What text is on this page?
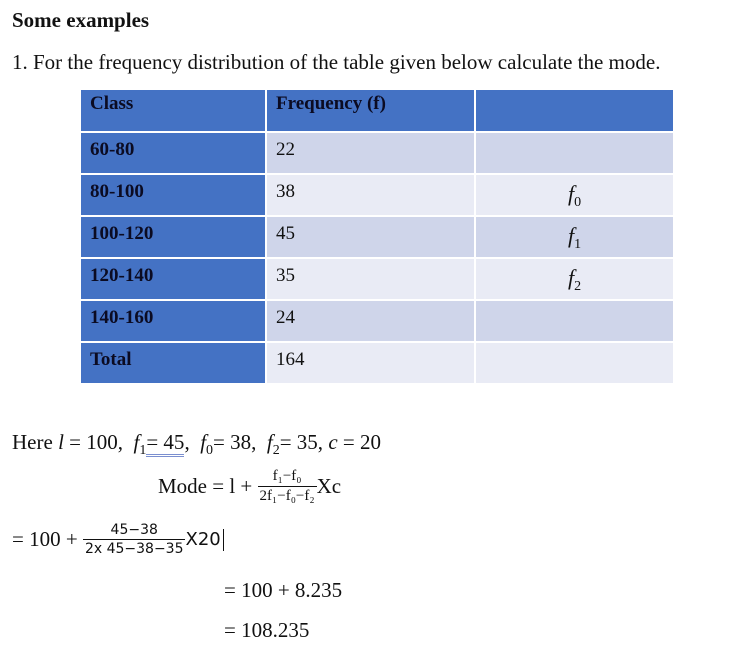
Some examples
1. For the frequency distribution of the table given below calculate the mode.
Class	Frequency (f)	
60-80	22	
80-100	38	$f_0$
100-120	45	$f_1$
120-140	35	$f_2$
140-160	24	
Total	164	
Here l = 100, $f_1= 45$,  $f_0= 38$, $f_2= 35$, c = 20
Mode = $l + \frac{\text{f₁−f₀}}{\text{2f₁−f₀−f₂}}$ Xc
= $100 + \frac{45-38}{2x 45-38-35} X20$
= 100 + 8.235
= 108.235
